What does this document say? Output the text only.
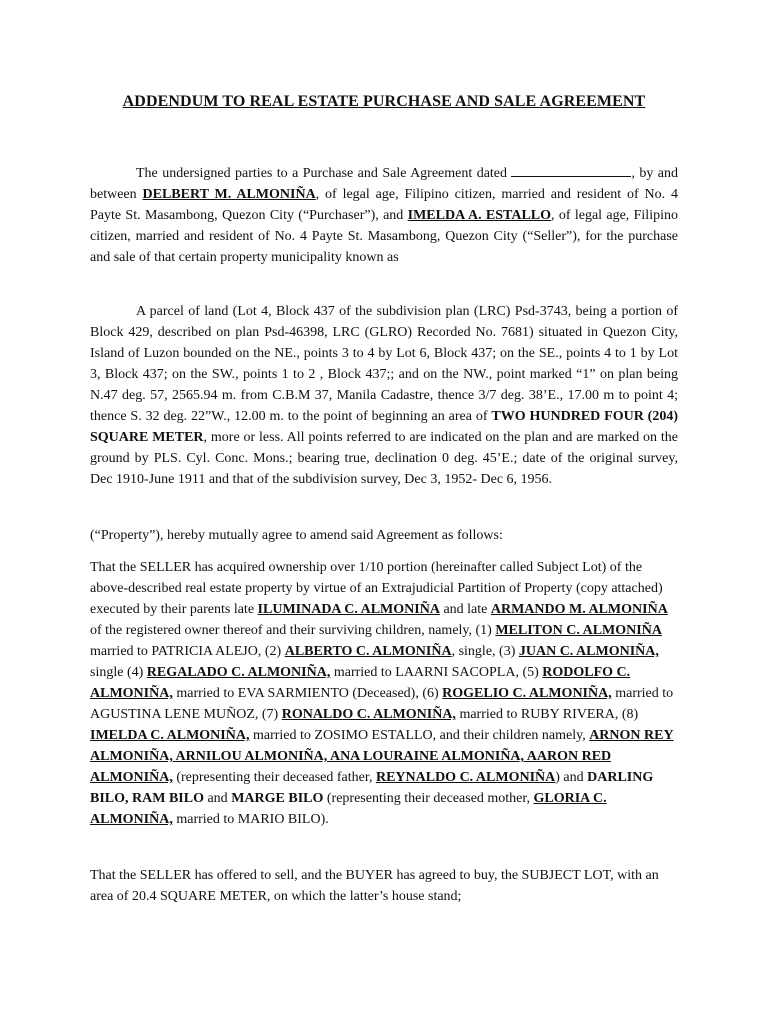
ADDENDUM TO REAL ESTATE PURCHASE AND SALE AGREEMENT
The undersigned parties to a Purchase and Sale Agreement dated	, by and between DELBERT M. ALMONIÑA, of legal age, Filipino citizen, married and resident of No. 4 Payte St. Masambong, Quezon City (“Purchaser”), and IMELDA A. ESTALLO, of legal age, Filipino citizen, married and resident of No. 4 Payte St. Masambong, Quezon City (“Seller”), for the purchase and sale of that certain property municipality known as
A parcel of land (Lot 4, Block 437 of the subdivision plan (LRC) Psd-3743, being a portion of Block 429, described on plan Psd-46398, LRC (GLRO) Recorded No. 7681) situated in Quezon City, Island of Luzon bounded on the NE., points 3 to 4 by Lot 6, Block 437; on the SE., points 4 to 1 by Lot 3, Block 437; on the SW., points 1 to 2 , Block 437;; and on the NW., point marked “1” on plan being N.47 deg. 57, 2565.94 m. from C.B.M 37, Manila Cadastre, thence 3/7 deg. 38’E., 17.00 m to point 4; thence S. 32 deg. 22”W., 12.00 m. to the point of beginning an area of TWO HUNDRED FOUR (204) SQUARE METER, more or less. All points referred to are indicated on the plan and are marked on the ground by PLS. Cyl. Conc. Mons.; bearing true, declination 0 deg. 45’E.; date of the original survey, Dec 1910-June 1911 and that of the subdivision survey, Dec 3, 1952- Dec 6, 1956.
(“Property”), hereby mutually agree to amend said Agreement as follows:
That the SELLER has acquired ownership over 1/10 portion (hereinafter called Subject Lot) of the above-described real estate property by virtue of an Extrajudicial Partition of Property (copy attached) executed by their parents late ILUMINADA C. ALMONIÑA and late ARMANDO M. ALMONIÑA of the registered owner thereof and their surviving children, namely, (1) MELITON C. ALMONIÑA married to PATRICIA ALEJO, (2) ALBERTO C. ALMONIÑA, single, (3) JUAN C. ALMONIÑA, single (4) REGALADO C. ALMONIÑA, married to LAARNI SACOPLA, (5) RODOLFO C. ALMONIÑA, married to EVA SARMIENTO (Deceased), (6) ROGELIO C. ALMONIÑA, married to AGUSTINA LENE MUÑOZ, (7) RONALDO C. ALMONIÑA, married to RUBY RIVERA, (8) IMELDA C. ALMONIÑA, married to ZOSIMO ESTALLO, and their children namely, ARNON REY ALMONIÑA, ARNILOU ALMONIÑA, ANA LOURAINE ALMONIÑA, AARON RED ALMONIÑA, (representing their deceased father, REYNALDO C. ALMONIÑA) and DARLING BILO, RAM BILO and MARGE BILO (representing their deceased mother, GLORIA C. ALMONIÑA, married to MARIO BILO).
That the SELLER has offered to sell, and the BUYER has agreed to buy, the SUBJECT LOT, with an area of 20.4 SQUARE METER, on which the latter’s house stand;
